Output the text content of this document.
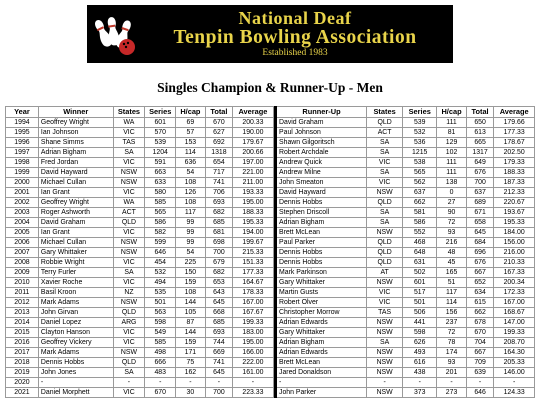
National Deaf
Tenpin Bowling Association
Established 1983
Singles Champion & Runner-Up - Men
Year	Winner	States	Series	H/cap	Total	Average		Runner-Up	States	Series	H/cap	Total	Average
1994	Geoffrey Wright	WA	601	69	670	200.33		David Graham	QLD	539	111	650	179.66
1995	Ian Johnson	VIC	570	57	627	190.00		Paul Johnson	ACT	532	81	613	177.33
1996	Shane Simms	TAS	539	153	692	179.67		Shawn Gilgoritsch	SA	536	129	665	178.67
1997	Adrian Bigham	SA	1204	114	1318	200.66		Robert Archdale	SA	1215	102	1317	202.50
1998	Fred Jordan	VIC	591	636	654	197.00		Andrew Quick	VIC	538	111	649	179.33
1999	David Hayward	NSW	663	54	717	221.00		Andrew Milne	SA	565	111	676	188.33
2000	Michael Cullan	NSW	633	108	741	211.00		John Smeaton	VIC	562	138	700	187.33
2001	Ian Grant	VIC	580	126	706	193.33		David Hayward	NSW	637	0	637	212.33
2002	Geoffrey Wright	WA	585	108	693	195.00		Dennis Hobbs	QLD	662	27	689	220.67
2003	Roger Ashworth	ACT	565	117	682	188.33		Stephen Driscoll	SA	581	90	671	193.67
2004	David Graham	QLD	586	99	685	195.33		Adrian Bigham	SA	586	72	658	195.33
2005	Ian Grant	VIC	582	99	681	194.00		Brett McLean	NSW	552	93	645	184.00
2006	Michael Cullan	NSW	599	99	698	199.67		Paul Parker	QLD	468	216	684	156.00
2007	Gary Whittaker	NSW	646	54	700	215.33		Dennis Hobbs	QLD	648	48	696	216.00
2008	Robbie Wright	VIC	454	225	679	151.33		Dennis Hobbs	QLD	631	45	676	210.33
2009	Terry Furler	SA	532	150	682	177.33		Mark Parkinson	AT	502	165	667	167.33
2010	Xavier Roche	VIC	494	159	653	164.67		Gary Whittaker	NSW	601	51	652	200.34
2011	Basil Kroon	NZ	535	108	643	178.33		Martin Gusts	VIC	517	117	634	172.33
2012	Mark Adams	NSW	501	144	645	167.00		Robert Olver	VIC	501	114	615	167.00
2013	John Girvan	QLD	563	105	668	167.67		Christopher Morrow	TAS	506	156	662	168.67
2014	Daniel Lopez	ARG	598	87	685	199.33		Adrian Edwards	NSW	441	237	678	147.00
2015	Clayton Hanson	VIC	549	144	693	183.00		Gary Whittaker	NSW	598	72	670	199.33
2016	Geoffrey Vickery	VIC	585	159	744	195.00		Adrian Bigham	SA	626	78	704	208.70
2017	Mark Adams	NSW	498	171	669	166.00		Adrian Edwards	NSW	493	174	667	164.30
2018	Dennis Hobbs	QLD	666	75	741	222.00		Brett McLean	NSW	616	93	709	205.33
2019	John Jones	SA	483	162	645	161.00		Jared Donaldson	NSW	438	201	639	146.00
2020	-	-	-	-	-	-		-	-	-	-	-	-
2021	Daniel Morphett	VIC	670	30	700	223.33		John Parker	NSW	373	273	646	124.33
